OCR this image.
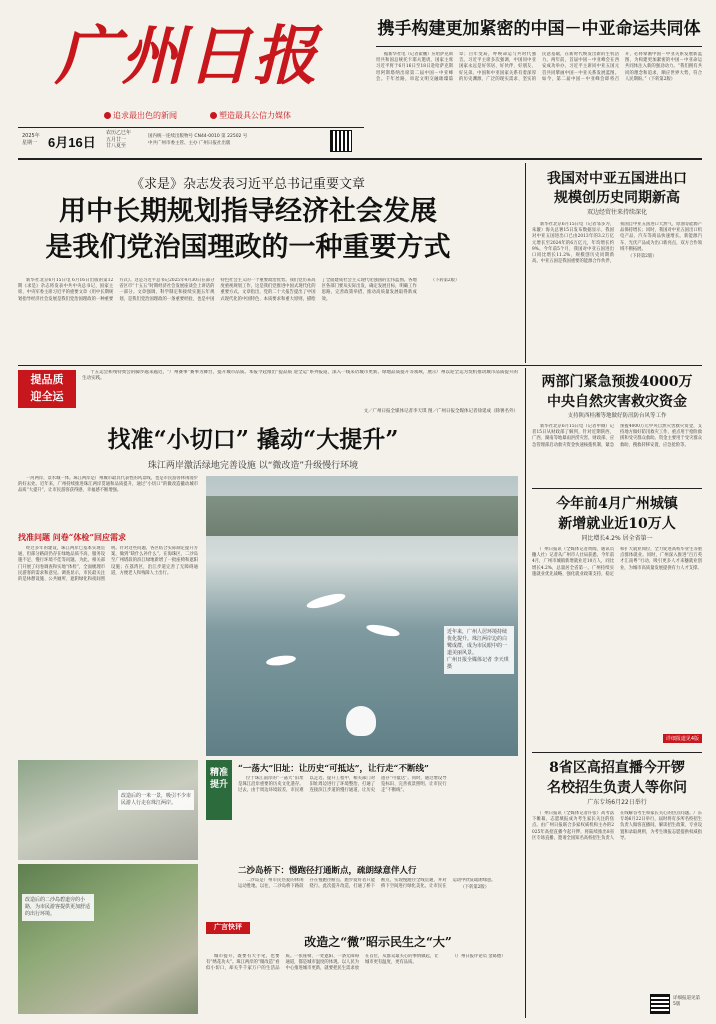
广州日报
追求最出色的新闻	塑造最具公信力媒体
2025年
星期一 6月16日
农历乙巳年
五月廿一
廿八夏至
国内统一连续出版物号 CN44-0010 第 22502 号
中共广州市委主管、主办 广州日报社出版
携手构建更加紧密的中国－中亚命运共同体

据新华社电（记者翟鹏）应哈萨克斯坦共和国总统托卡耶夫邀请，国家主席习近平将于6月16日至18日赴哈萨克斯坦阿斯塔纳出席第二届中国－中亚峰会。千年丝路，串起文明交融璀璨篇章；百年变局，呼唤命运与共时代强音。习近平主席多次强调，中国同中亚国家永远是好邻居、好伙伴、好朋友、好兄弟。中国和中亚国家关系有着深厚的历史渊源、广泛的现实需求、坚实的民意基础，在新时代焕发出新的生机活力。两年前，首届中国－中亚峰会在西安成功举办，习近平主席同中亚五国元首共同擘画中国－中亚关系发展蓝图。如今，第二届中国－中亚峰会即将召开，必将擘画中国－中亚关系发展新蓝图，为构建更加紧密的中国－中亚命运共同体注入新的强劲动力。“我们拥有共同的理念和追求，顺应世界大势，符合人民期盼。”（下转第2版）

《求是》杂志发表习近平总书记重要文章
用中长期规划指导经济社会发展
是我们党治国理政的一种重要方式

新华社北京6月15日电 6月16日出版的第12期《求是》杂志将发表中共中央总书记、国家主席、中央军委主席习近平的重要文章《用中长期规划指导经济社会发展是我们党治国理政的一种重要方式》。这是习近平总书记2025年4月30日在部分省区市“十五五”时期经济社会发展座谈会上讲话的一部分。文章强调，科学制定和接续实施五年规划，是我们党治国理政的一条重要经验，也是中国特色社会主义的一个重要政治优势。我们党历来高度重视规划工作，这是我们党推进中国式现代化的重要方式。文章指出，党的二十大报告提出了中国式现代化的中国特色、本质要求和重大原则，描绘了全面建成社会主义现代化强国的宏伟蓝图。各地区各部门要从实际出发，确定发展目标，明确工作思路，完善政策举措，推动高质量发展取得新成效。

（下转第2版）

我国对中亚五国进出口
规模创历史同期新高
双边经贸往来持续深化

新华社北京6月15日电（记者邹多为、朱璇）海关总署15日发布数据显示，我国对中亚五国进出口已由2013年的3.2万亿元增长至2024年的6万亿元，年均增长约9%。今年前5个月，我国对中亚五国进出口同比增长11.2%，规模创历史同期新高。中亚五国是我国重要的能源合作伙伴，我国自中亚五国进口天然气、原油等能源产品保持增长；同时，我国对中亚五国出口机电产品、汽车等商品快速增长。新能源汽车、光伏产品成为出口新亮点，双方合作领域不断拓展。

（下转第2版）

提品质
迎全运

十五运会和残特奥会的脚步越来越近，“广州赛事”赛事为舞台，提升城市品质。本报今起推出“提品质 迎全运”系列报道，深入一线采访城市更新、绿地品质提升等领域，展示广州以迎全运为契机推动城市品质提升的生动实践。

文／广州日报全媒体记者李天琪 图／广州日报全媒体记者徐延成（除署名外）
找准“小切口” 撬动“大提升”
珠江两岸激活绿地完善设施 以“微改造”升级慢行环境

一河两岸，景水城一体。珠江两岸是广州城市最具代表性的风景线，也是市民游客休闲漫步的好去处。近年来，广州持续推进珠江两岸贯通和品质提升，通过“小切口”的微改造撬动城市品质“大提升”，让市民游客获得感、幸福感不断增强。

近年来，广州人居环境持续优化提升。珠江两岸边的白鹭成群，成为市民眼中的一道美丽风景。
广州日报全媒体记者 李天琪 摄
找准问题 问卷“体检”回应需求

经过多年的建设，珠江两岸已基本实现贯通，但部分路段仍存在绿地品质不高、服务设施不足、慢行环境不佳等问题。为此，相关部门开展了问卷调查和实地“体检”，全面梳理市民游客的需求和意见。调查显示，市民最关注的是休憩设施、公共厕所、遮阴绿化和夜间照明。针对这些问题，各区结合实际制定提升方案，做到“缺什么补什么”。在海珠区，二沙岛至广州塔段的滨江绿地新增了一批座椅和遮阳设施；在荔湾区，沿江步道完善了无障碍通道，方便老人和残障人士出行。

改造后的一米一景，吸引不少市民游人行走在珠江两岸。
改造后的二沙岛碧道旁的小路，为市民游客提供更加舒适的出行环境。
精准提升
“一荡大”旧址：让历史“可抵达”，让行走“不断线”

位于珠江南岸的“一荡大”旧址是珠江沿岸重要的历史文化遗存。过去，由于周边环境较差，市民难以走近。提升工程中，相关部门对旧址周边进行了环境整治，打通了连接滨江步道的慢行通道，让历史遗存“可抵达”。同时，通过增设导览标识、完善夜景照明，让市民行走“不断线”。

二沙岛桥下：慢跑径打通断点，疏朗绿意伴人行

二沙岛是广州市民热爱的休闲运动胜地。以往，二沙岛桥下路段存在慢跑径断点，跑步爱好者只能绕行。此次提升改造，打通了桥下断点，实现慢跑径全线贯通，并对桥下空间进行绿化美化，让市民在运动中欣赏疏朗绿意。

（下转第2版）

广言快评
改造之“微”昭示民生之“大”

城市提升，既要有大手笔，也要有“绣花功夫”。珠江两岸的“微改造”看似小切口，却关乎千家万户的生活品质。一张座椅、一处遮阳、一条无障碍通道，都是城市温度的体现。以人民为中心推进城市更新，就要把民生需求放在首位，从群众最关心的事情做起，让城市更有温度、更有品质。

（广州日报评论员 金葛德）

两部门紧急预拨4000万
中央自然灾害救灾资金
支持陕西桂湘等地做好防汛防台风等工作

新华社北京6月15日电（记者申铖）记者15日从财政部了解到，针对近期陕西、广西、湖南等地暴雨洪涝灾害，财政部、应急管理部启动救灾资金快速核拨机制，紧急预拨4000万元中央自然灾害救灾资金，支持地方做好防汛救灾工作，重点用于抢险救援和受灾群众救助。资金主要用于受灾群众救助、搜救转移安置、应急抢险等。

今年前4月广州城镇
新增就业近10万人
同比增长4.2% 居全省第一

广州日报讯（全媒体记者黄闻、通讯员穗人社）记者从广州市人社局获悉，今年前4月，广州市城镇新增就业近10万人，同比增长4.2%，总量居全省第一。广州持续实施就业优先战略，强化就业政策支持，稳定和扩大就业岗位，全力促进高校毕业生等重点群体就业。同时，广州深入推进“百万英才汇南粤”行动，吸引更多人才来穗就业创业，为城市高质量发展提供有力人才支撑。

详细报道见4版
8省区高招直播今开锣
名校招生负责人等你问
广东专场6月22日举行

广州日报讯（全媒体记者许张）高考落下帷幕，志愿填报成为考生家长关注的焦点。由广州日报联合多家权威机构主办的2025年高招直播今起开锣，将陆续推出8省区专场直播，邀请全国知名高校招生负责人在线解答考生和家长关心的热点问题。广东专场6月22日举行，届时将有多所名校招生负责人做客直播间，解读招生政策、专业设置和录取规则，为考生填报志愿提供权威指导。

详细报道见第5版
